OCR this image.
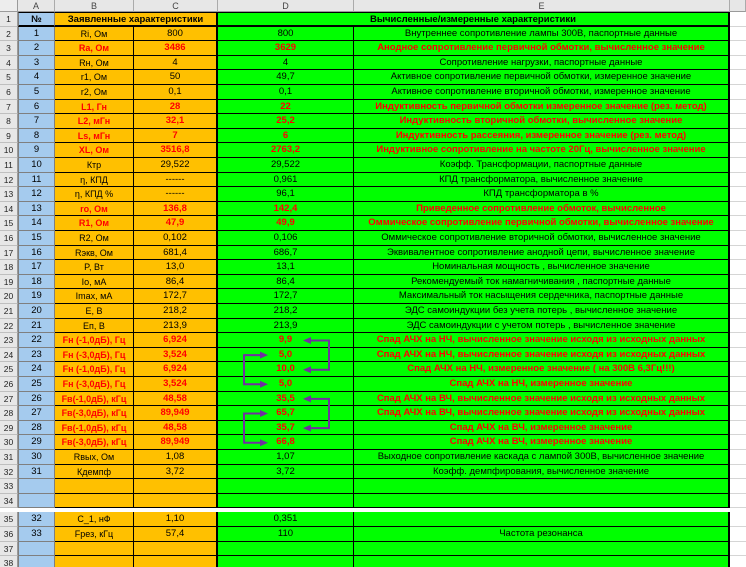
A	B	C	D	E
1	№	Заявленные характеристики	Вычисленные/измеренные характеристики
2	1	Ri, Ом	800	800	Внутреннее сопротивление лампы 300В, паспортные данные
3	2	Ra, Ом	3486	3629	Анодное сопротивление первичной обмотки, вычисленное значение
4	3	Rн, Ом	4	4	Сопротивление нагрузки, паспортные данные
5	4	r1, Ом	50	49,7	Активное сопротивление первичной обмотки, измеренное значение
6	5	r2, Ом	0,1	0,1	Активное сопротивление вторичной обмотки, измеренное значение
7	6	L1, Гн	28	22	Индуктивность первичной обмотки измеренное значение (рез. метод)
8	7	L2, мГн	32,1	25,2	Индуктивность вторичной обмотки, вычисленное значение
9	8	Ls, мГн	7	6	Индуктивность рассеяния, измеренное значение (рез. метод)
10	9	XL, Ом	3516,8	2763,2	Индуктивное сопротивление на частоте 20Гц, вычисленное значение
11	10	Ктр	29,522	29,522	Коэфф. Трансформации, паспортные данные
12	11	η, КПД	------	0,961	КПД трансформатора, вычисленное значение
13	12	η, КПД %	------	96,1	КПД трансформатора в %
14	13	ro, Ом	136,8	142,4	Приведенное сопротивление обмоток, вычисленное
15	14	R1, Ом	47,9	49,9	Оммическое сопротивление первичной обмотки, вычисленное значение
16	15	R2, Ом	0,102	0,106	Оммическое сопротивление вторичной обмотки, вычисленное значение
17	16	Rэкв, Ом	681,4	686,7	Эквивалентное сопротивление анодной цепи, вычисленное значение
18	17	P, Вт	13,0	13,1	Номинальная мощность , вычисленное значение
19	18	Io, мА	86,4	86,4	Рекомендуемый ток намагничивания , паспортные данные
20	19	Imax, мА	172,7	172,7	Максимальный ток насыщения сердечника, паспортные данные
21	20	E, В	218,2	218,2	ЭДС самоиндукции без учета потерь , вычисленное значение
22	21	Eп, В	213,9	213,9	ЭДС самоиндукции с учетом потерь , вычисленное значение
23	22	Fн (-1,0дБ), Гц	6,924	9,9	Спад АЧХ на НЧ, вычисленное значение исходя из исходных данных
24	23	Fн (-3,0дБ), Гц	3,524	5,0	Спад АЧХ на НЧ, вычисленное значение исходя из исходных данных
25	24	Fн (-1,0дБ), Гц	6,924	10,0	Спад АЧХ на НЧ, измеренное значение ( на 300В 6,3Гц!!!)
26	25	Fн (-3,0дБ), Гц	3,524	5,0	Спад АЧХ на НЧ, измеренное значение
27	26	Fв(-1,0дБ), кГц	48,58	35,5	Спад АЧХ на ВЧ, вычисленное значение исходя из исходных данных
28	27	Fв(-3,0дБ), кГц	89,949	65,7	Спад АЧХ на ВЧ, вычисленное значение исходя из исходных данных
29	28	Fв(-1,0дБ), кГц	48,58	35,7	Спад АЧХ на ВЧ, измеренное значение
30	29	Fв(-3,0дБ), кГц	89,949	66,8	Спад АЧХ на ВЧ, измеренное значение
31	30	Rвых, Ом	1,08	1,07	Выходное сопротивление каскада с лампой 300В, вычисленное значение
32	31	Кдемпф	3,72	3,72	Коэфф. демпфирования, вычисленное значение
33
34
35	32	C_1, нФ	1,10	0,351
36	33	Fрез, кГц	57,4	110	Частота резонанса
37
38
